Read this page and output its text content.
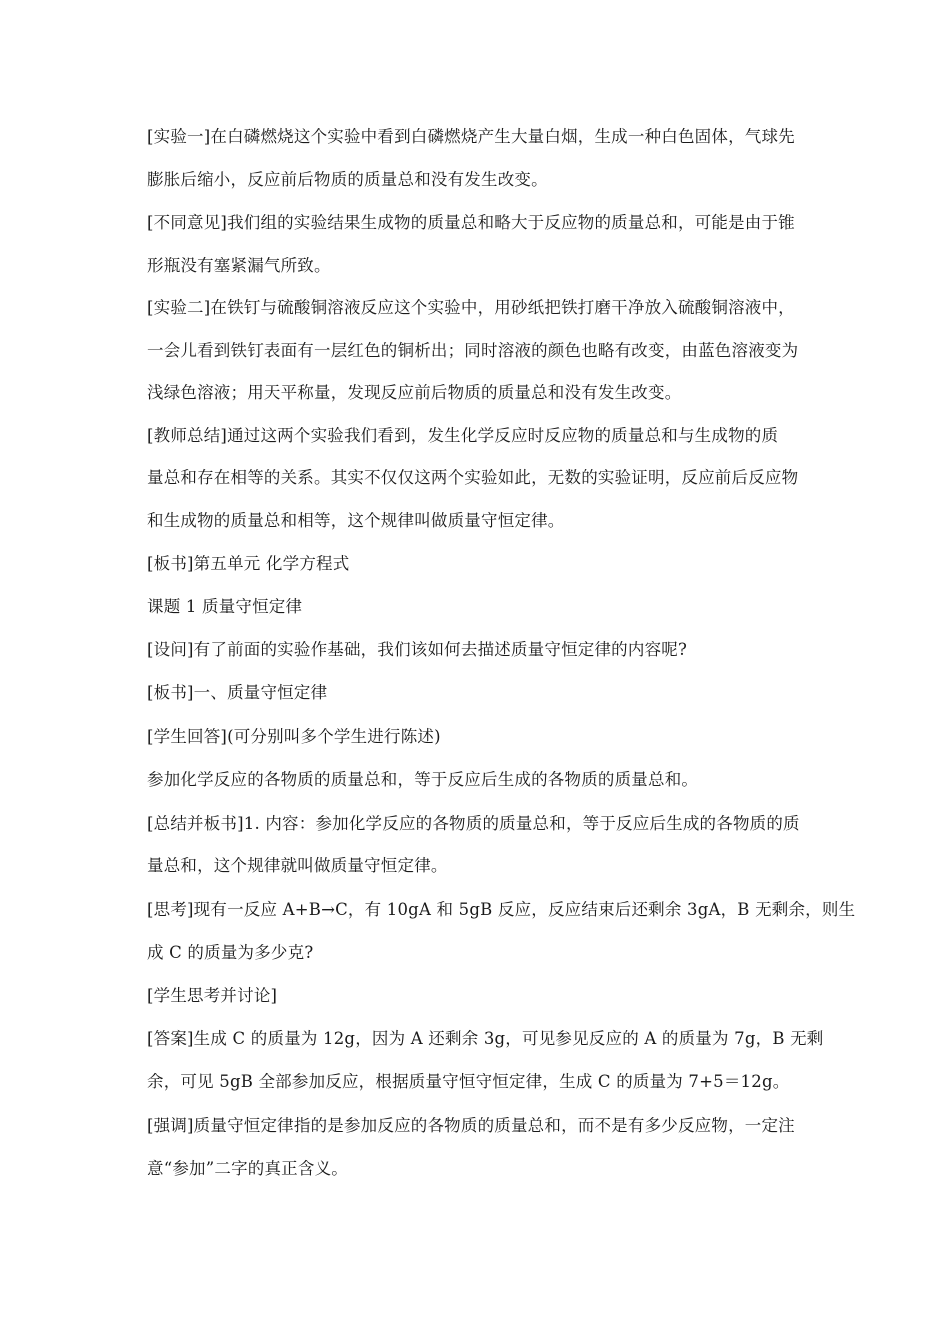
[实验一]在白磷燃烧这个实验中看到白磷燃烧产生大量白烟，生成一种白色固体，气球先
膨胀后缩小，反应前后物质的质量总和没有发生改变。
[不同意见]我们组的实验结果生成物的质量总和略大于反应物的质量总和，可能是由于锥
形瓶没有塞紧漏气所致。
[实验二]在铁钉与硫酸铜溶液反应这个实验中，用砂纸把铁打磨干净放入硫酸铜溶液中，
一会儿看到铁钉表面有一层红色的铜析出；同时溶液的颜色也略有改变，由蓝色溶液变为
浅绿色溶液；用天平称量，发现反应前后物质的质量总和没有发生改变。
[教师总结]通过这两个实验我们看到，发生化学反应时反应物的质量总和与生成物的质
量总和存在相等的关系。其实不仅仅这两个实验如此，无数的实验证明，反应前后反应物
和生成物的质量总和相等，这个规律叫做质量守恒定律。
[板书]第五单元 化学方程式
课题 1 质量守恒定律
[设问]有了前面的实验作基础，我们该如何去描述质量守恒定律的内容呢?
[板书]一、质量守恒定律
[学生回答](可分别叫多个学生进行陈述)
参加化学反应的各物质的质量总和，等于反应后生成的各物质的质量总和。
[总结并板书]1. 内容：参加化学反应的各物质的质量总和，等于反应后生成的各物质的质
量总和，这个规律就叫做质量守恒定律。
[思考]现有一反应 A+B→C，有 10gA 和 5gB 反应，反应结束后还剩余 3gA，B 无剩余，则生
成 C 的质量为多少克?
[学生思考并讨论]
[答案]生成 C 的质量为 12g，因为 A 还剩余 3g，可见参见反应的 A 的质量为 7g，B 无剩
余，可见 5gB 全部参加反应，根据质量守恒守恒定律，生成 C 的质量为 7+5＝12g。
[强调]质量守恒定律指的是参加反应的各物质的质量总和，而不是有多少反应物，一定注
意“参加”二字的真正含义。
